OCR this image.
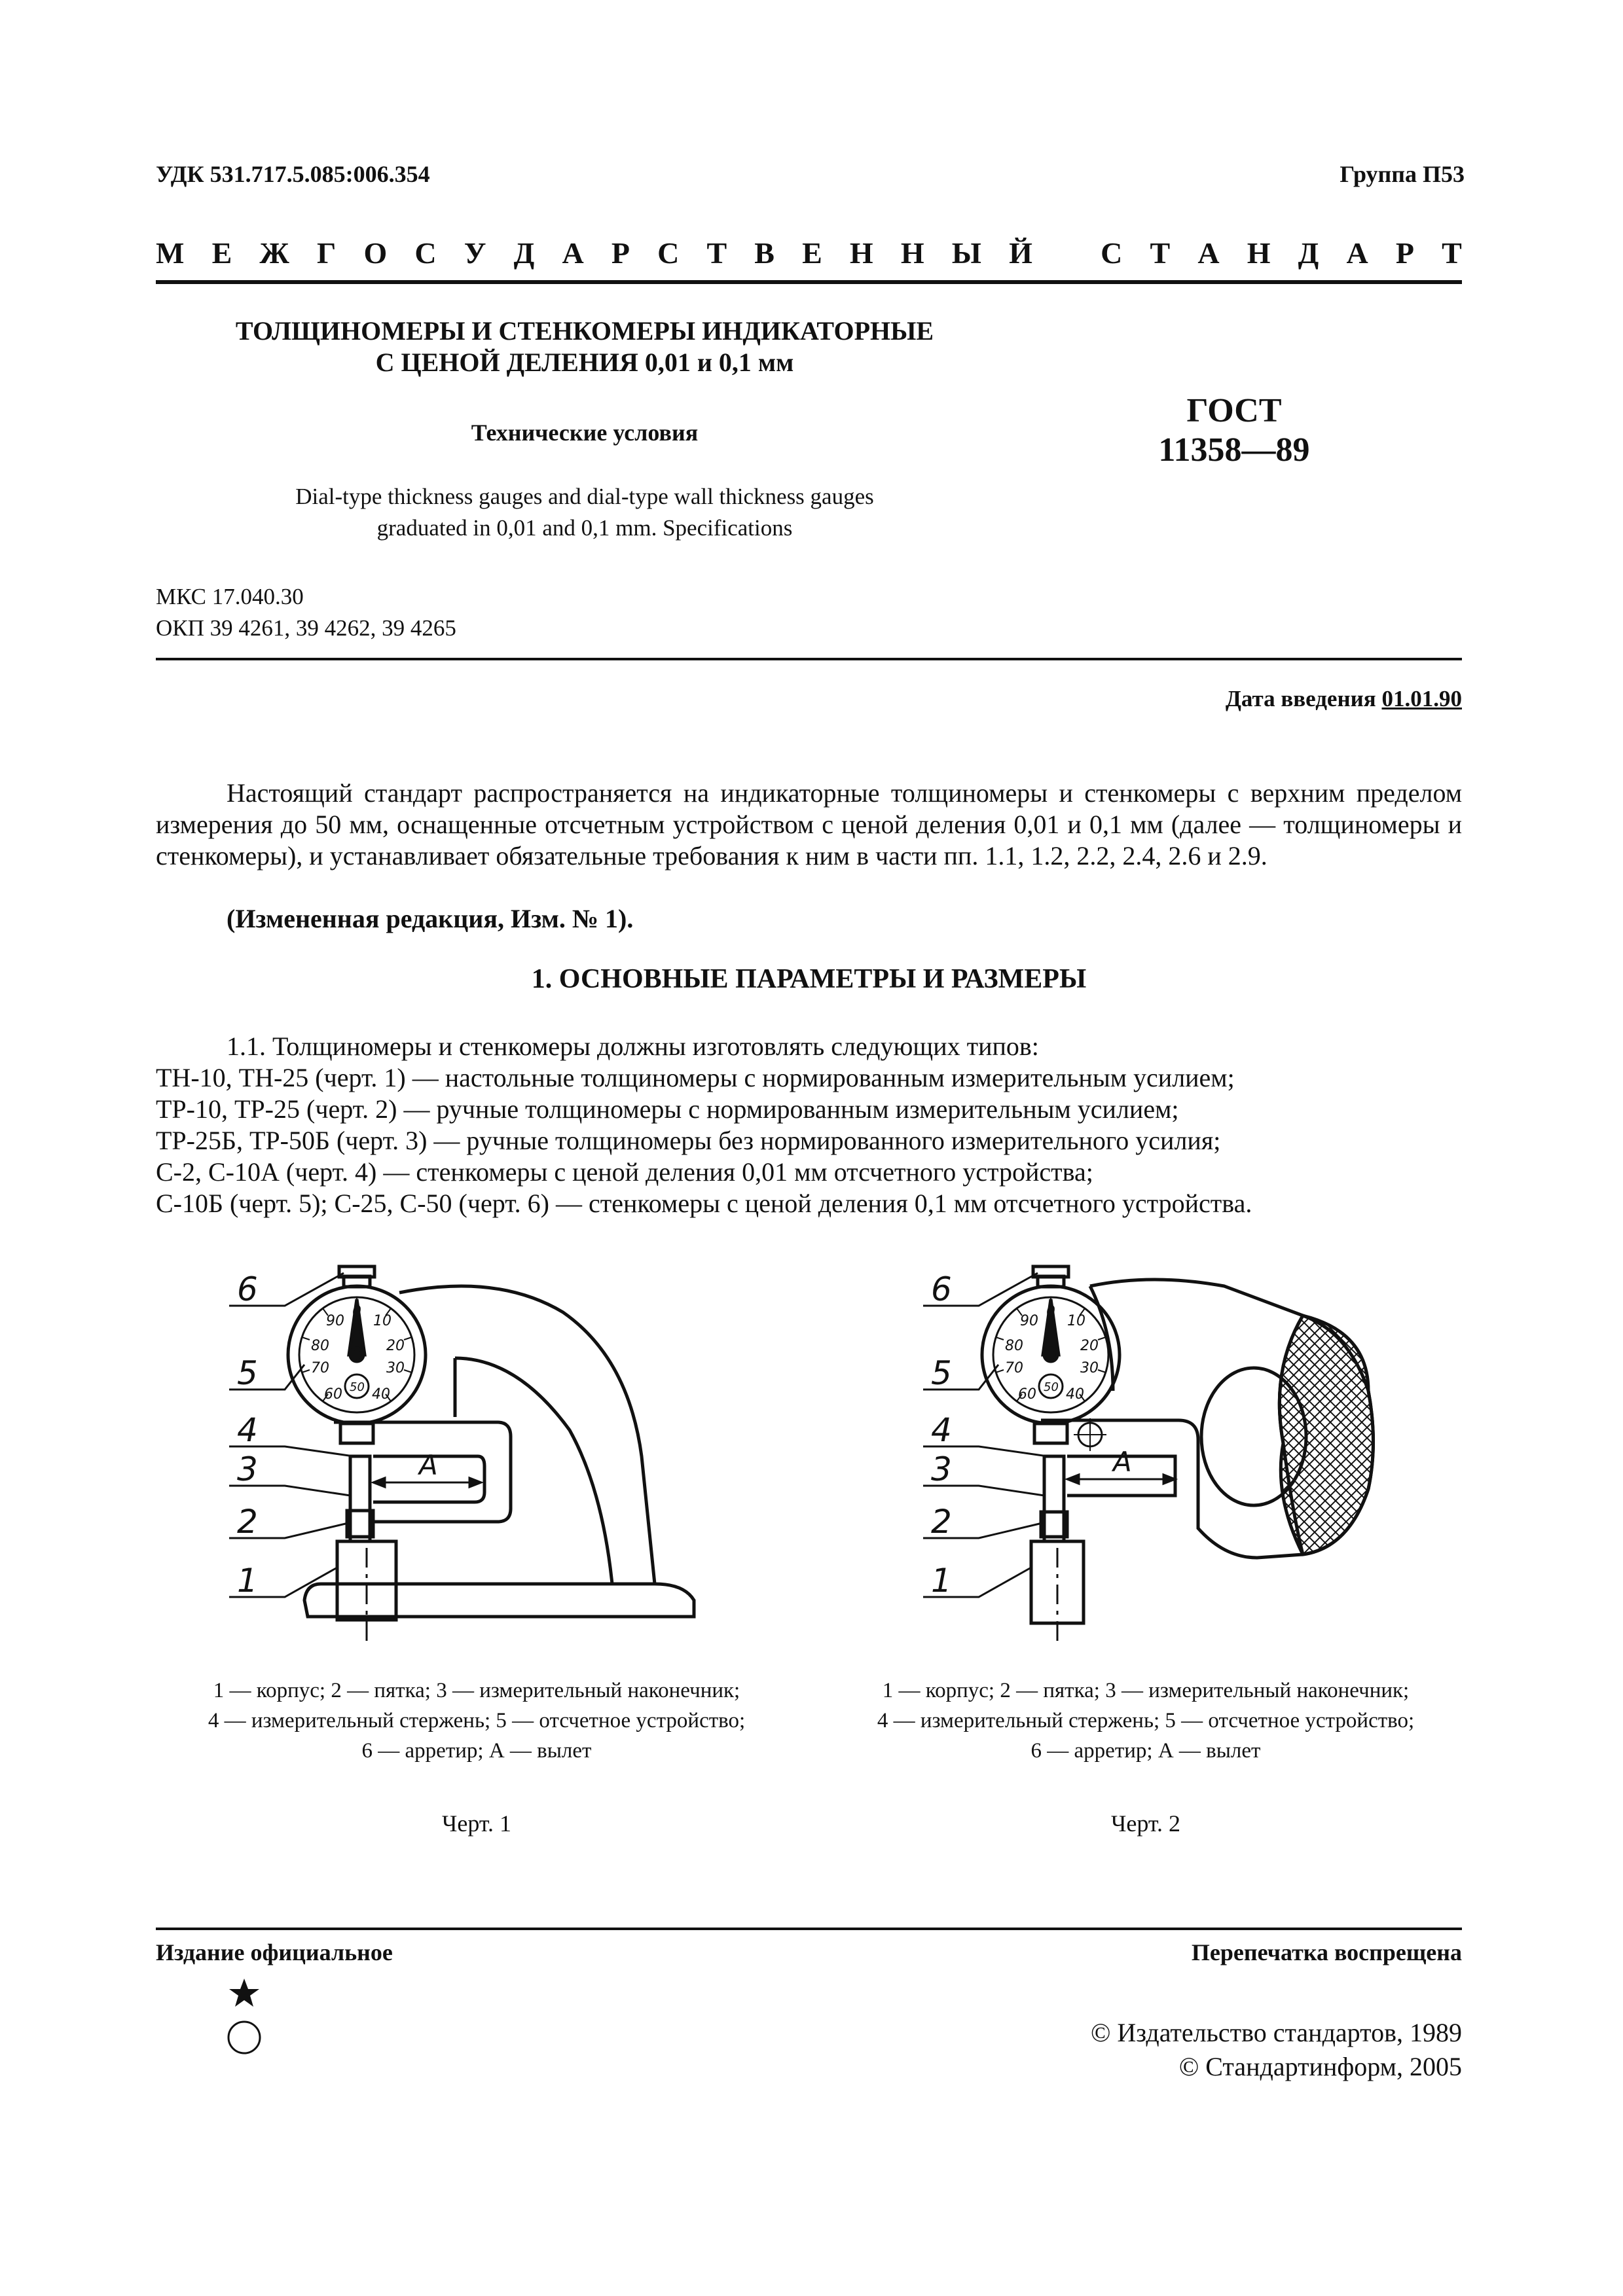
УДК 531.717.5.085:006.354	Группа П53
М Е Ж Г О С У Д А Р С Т В Е Н Н Ы Й С Т А Н Д А Р Т
ТОЛЩИНОМЕРЫ И СТЕНКОМЕРЫ ИНДИКАТОРНЫЕ
С ЦЕНОЙ ДЕЛЕНИЯ 0,01 и 0,1 мм
Технические условия
ГОСТ
11358—89
Dial-type thickness gauges and dial-type wall thickness gauges
graduated in 0,01 and 0,1 mm. Specifications
МКС 17.040.30
ОКП 39 4261, 39 4262, 39 4265
Дата введения 01.01.90
Настоящий стандарт распространяется на индикаторные толщиномеры и стенкомеры с верхним пределом измерения до 50 мм, оснащенные отсчетным устройством с ценой деления 0,01 и 0,1 мм (далее — толщиномеры и стенкомеры), и устанавливает обязательные требования к ним в части пп. 1.1, 1.2, 2.2, 2.4, 2.6 и 2.9.
(Измененная редакция, Изм. № 1).
1. ОСНОВНЫЕ ПАРАМЕТРЫ И РАЗМЕРЫ
1.1. Толщиномеры и стенкомеры должны изготовлять следующих типов:
ТН-10, ТН-25 (черт. 1) — настольные толщиномеры с нормированным измерительным усилием;
ТР-10, ТР-25 (черт. 2) — ручные толщиномеры с нормированным измерительным усилием;
ТР-25Б, ТР-50Б (черт. 3) — ручные толщиномеры без нормированного измерительного усилия;
С-2, С-10А (черт. 4) — стенкомеры с ценой деления 0,01 мм отсчетного устройства;
С-10Б (черт. 5); С-25, С-50 (черт. 6) — стенкомеры с ценой деления 0,1 мм отсчетного устройства.
0
10
20
30
40
50
60
70
80
90
A
6
5
4
3
2
1
0
10
20
30
40
50
60
70
80
90
A
6
5
4
3
2
1
1 — корпус; 2 — пятка; 3 — измерительный наконечник;
4 — измерительный стержень; 5 — отсчетное устройство;
6 — арретир; А — вылет
Черт. 1
1 — корпус; 2 — пятка; 3 — измерительный наконечник;
4 — измерительный стержень; 5 — отсчетное устройство;
6 — арретир; А — вылет
Черт. 2
Издание официальное	Перепечатка воспрещена
© Издательство стандартов, 1989
© Стандартинформ, 2005
